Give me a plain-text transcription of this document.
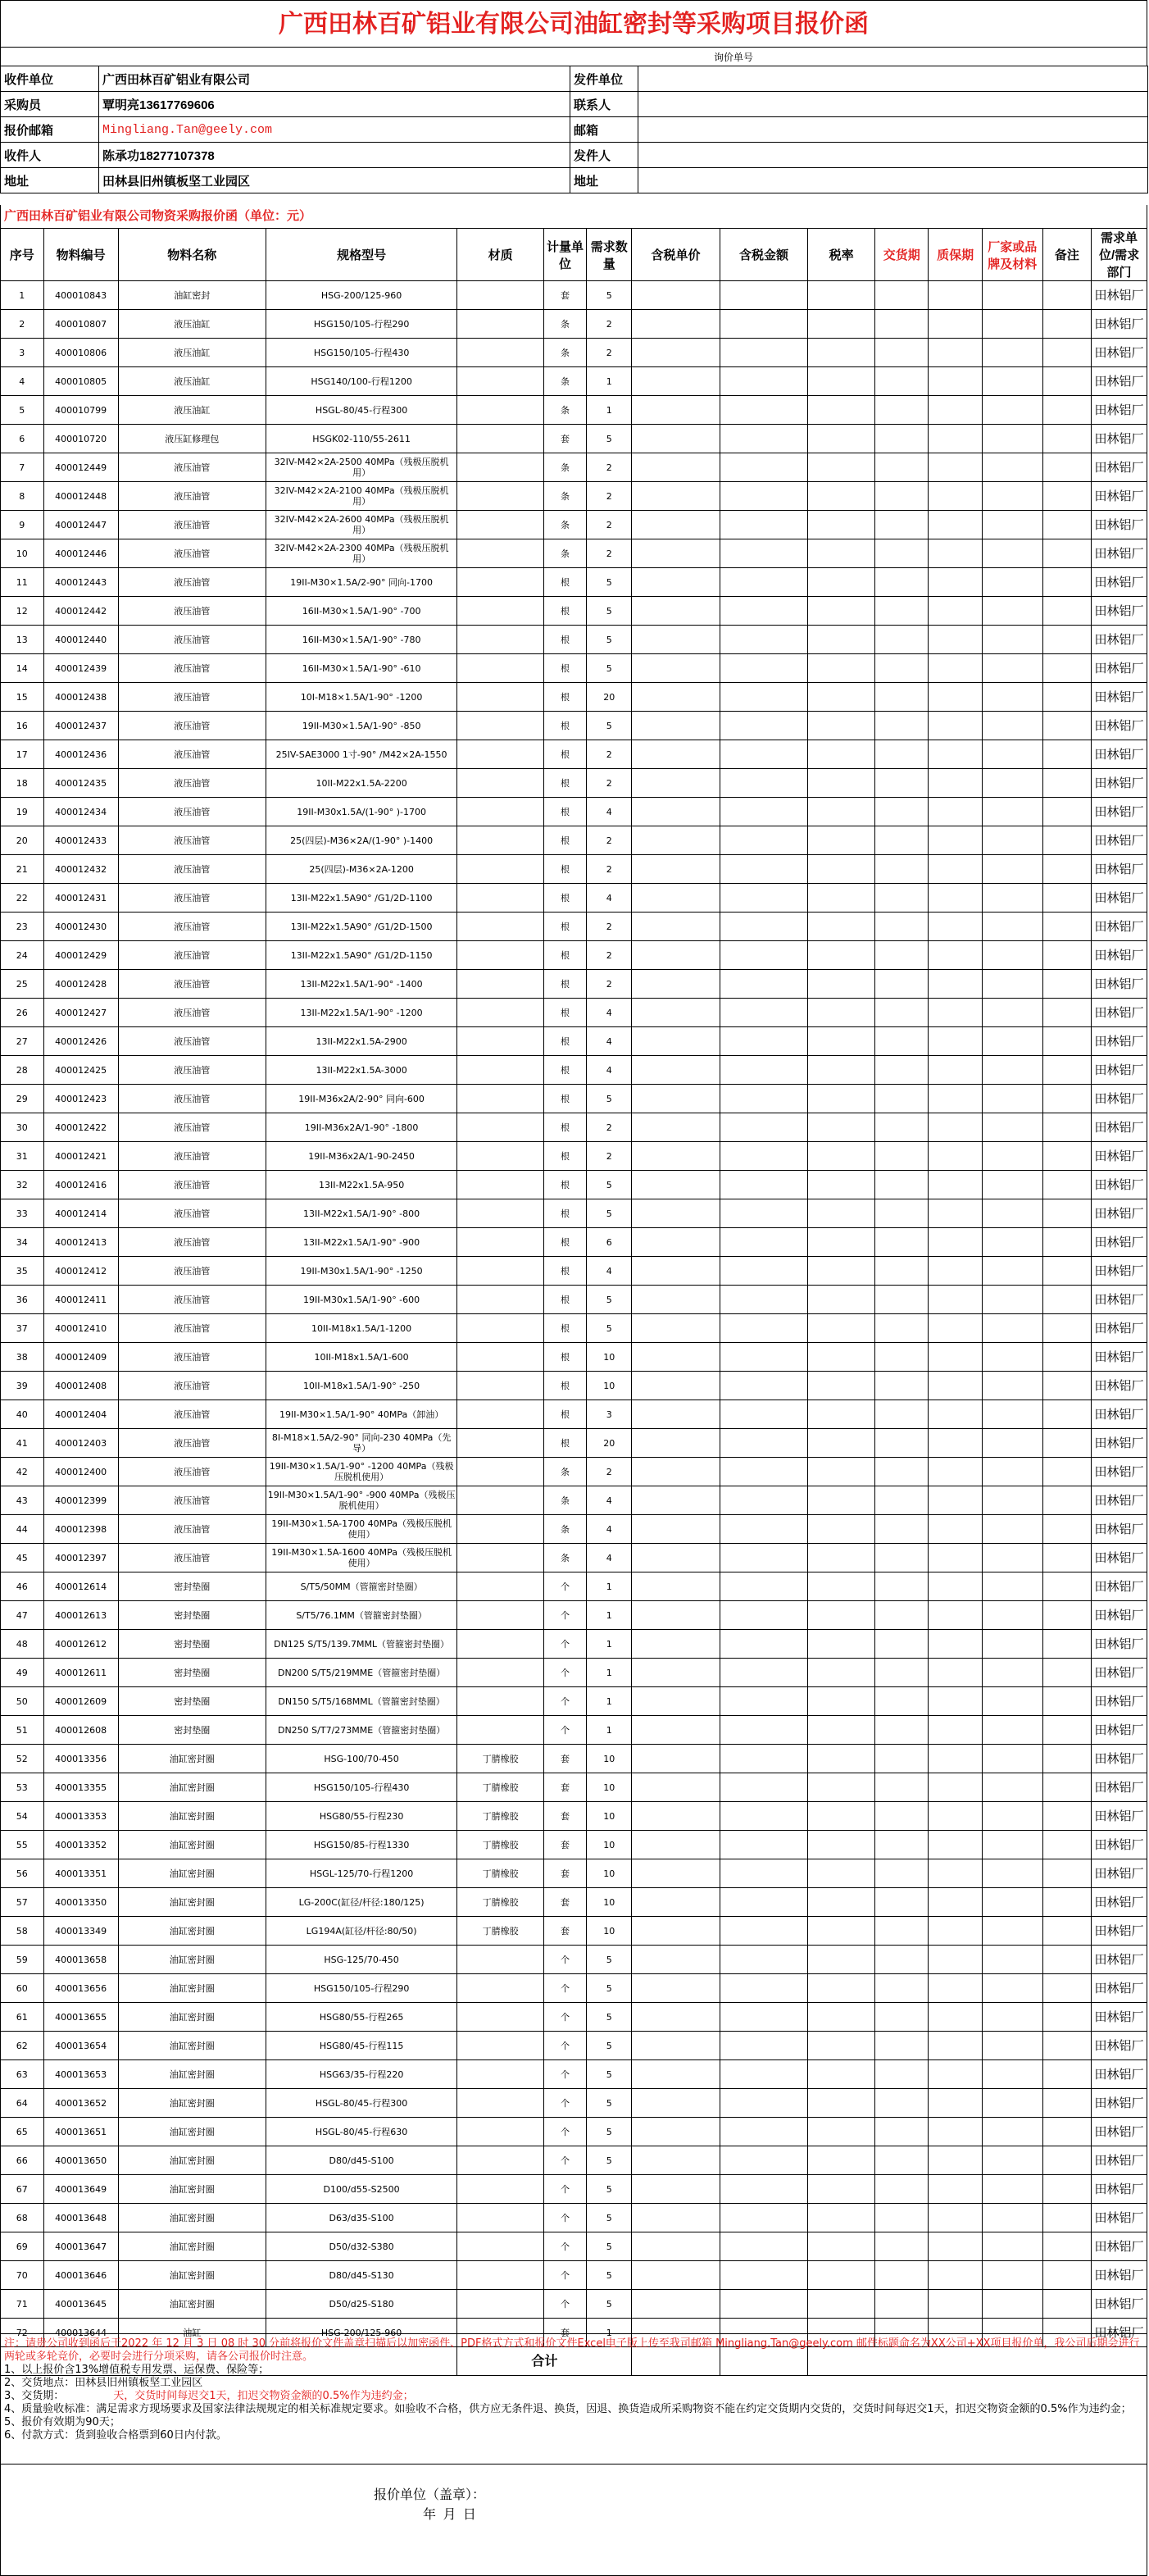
广西田林百矿铝业有限公司油缸密封等采购项目报价函
询价单号
收件单位	广西田林百矿铝业有限公司	发件单位	
采购员	覃明亮13617769606	联系人	
报价邮箱	Mingliang.Tan@geely.com	邮箱	
收件人	陈承功18277107378	发件人	
地址	田林县旧州镇板坚工业园区	地址	
广西田林百矿铝业有限公司物资采购报价函（单位：元）
序号	物料编号	物料名称	规格型号	材质	计量单位	需求数量	含税单价	含税金额	税率	交货期	质保期	厂家或品牌及材料	备注	需求单位/需求部门
1	400010843	油缸密封	HSG-200/125-960		套	5								田林铝厂
2	400010807	液压油缸	HSG150/105-行程290		条	2								田林铝厂
3	400010806	液压油缸	HSG150/105-行程430		条	2								田林铝厂
4	400010805	液压油缸	HSG140/100-行程1200		条	1								田林铝厂
5	400010799	液压油缸	HSGL-80/45-行程300		条	1								田林铝厂
6	400010720	液压缸修理包	HSGK02-110/55-2611		套	5								田林铝厂
7	400012449	液压油管	32IV-M42×2A-2500 40MPa（残极压脱机用）		条	2								田林铝厂
8	400012448	液压油管	32IV-M42×2A-2100 40MPa（残极压脱机用）		条	2								田林铝厂
9	400012447	液压油管	32IV-M42×2A-2600 40MPa（残极压脱机用）		条	2								田林铝厂
10	400012446	液压油管	32IV-M42×2A-2300 40MPa（残极压脱机用）		条	2								田林铝厂
11	400012443	液压油管	19II-M30×1.5A/2-90° 同向-1700		根	5								田林铝厂
12	400012442	液压油管	16II-M30×1.5A/1-90° -700		根	5								田林铝厂
13	400012440	液压油管	16II-M30×1.5A/1-90° -780		根	5								田林铝厂
14	400012439	液压油管	16II-M30×1.5A/1-90° -610		根	5								田林铝厂
15	400012438	液压油管	10I-M18×1.5A/1-90° -1200		根	20								田林铝厂
16	400012437	液压油管	19II-M30×1.5A/1-90° -850		根	5								田林铝厂
17	400012436	液压油管	25IV-SAE3000 1寸-90° /M42×2A-1550		根	2								田林铝厂
18	400012435	液压油管	10II-M22x1.5A-2200		根	2								田林铝厂
19	400012434	液压油管	19II-M30x1.5A/(1-90° )-1700		根	4								田林铝厂
20	400012433	液压油管	25(四层)-M36×2A/(1-90° )-1400		根	2								田林铝厂
21	400012432	液压油管	25(四层)-M36×2A-1200		根	2								田林铝厂
22	400012431	液压油管	13II-M22x1.5A90° /G1/2D-1100		根	4								田林铝厂
23	400012430	液压油管	13II-M22x1.5A90° /G1/2D-1500		根	2								田林铝厂
24	400012429	液压油管	13II-M22x1.5A90° /G1/2D-1150		根	2								田林铝厂
25	400012428	液压油管	13II-M22x1.5A/1-90° -1400		根	2								田林铝厂
26	400012427	液压油管	13II-M22x1.5A/1-90° -1200		根	4								田林铝厂
27	400012426	液压油管	13II-M22x1.5A-2900		根	4								田林铝厂
28	400012425	液压油管	13II-M22x1.5A-3000		根	4								田林铝厂
29	400012423	液压油管	19II-M36x2A/2-90° 同向-600		根	5								田林铝厂
30	400012422	液压油管	19II-M36x2A/1-90° -1800		根	2								田林铝厂
31	400012421	液压油管	19II-M36x2A/1-90-2450		根	2								田林铝厂
32	400012416	液压油管	13II-M22x1.5A-950		根	5								田林铝厂
33	400012414	液压油管	13II-M22x1.5A/1-90° -800		根	5								田林铝厂
34	400012413	液压油管	13II-M22x1.5A/1-90° -900		根	6								田林铝厂
35	400012412	液压油管	19II-M30x1.5A/1-90° -1250		根	4								田林铝厂
36	400012411	液压油管	19II-M30x1.5A/1-90° -600		根	5								田林铝厂
37	400012410	液压油管	10II-M18x1.5A/1-1200		根	5								田林铝厂
38	400012409	液压油管	10II-M18x1.5A/1-600		根	10								田林铝厂
39	400012408	液压油管	10II-M18x1.5A/1-90° -250		根	10								田林铝厂
40	400012404	液压油管	19II-M30×1.5A/1-90° 40MPa（卸油）		根	3								田林铝厂
41	400012403	液压油管	8I-M18×1.5A/2-90° 同向-230 40MPa（先导）		根	20								田林铝厂
42	400012400	液压油管	19II-M30×1.5A/1-90° -1200 40MPa（残极压脱机使用）		条	2								田林铝厂
43	400012399	液压油管	19II-M30×1.5A/1-90° -900 40MPa（残极压脱机使用）		条	4								田林铝厂
44	400012398	液压油管	19II-M30×1.5A-1700 40MPa（残极压脱机使用）		条	4								田林铝厂
45	400012397	液压油管	19II-M30×1.5A-1600 40MPa（残极压脱机使用）		条	4								田林铝厂
46	400012614	密封垫圈	S/T5/50MM（管箍密封垫圈）		个	1								田林铝厂
47	400012613	密封垫圈	S/T5/76.1MM（管箍密封垫圈）		个	1								田林铝厂
48	400012612	密封垫圈	DN125 S/T5/139.7MML（管箍密封垫圈）		个	1								田林铝厂
49	400012611	密封垫圈	DN200 S/T5/219MME（管箍密封垫圈）		个	1								田林铝厂
50	400012609	密封垫圈	DN150 S/T5/168MML（管箍密封垫圈）		个	1								田林铝厂
51	400012608	密封垫圈	DN250 S/T7/273MME（管箍密封垫圈）		个	1								田林铝厂
52	400013356	油缸密封圈	HSG-100/70-450	丁腈橡胶	套	10								田林铝厂
53	400013355	油缸密封圈	HSG150/105-行程430	丁腈橡胶	套	10								田林铝厂
54	400013353	油缸密封圈	HSG80/55-行程230	丁腈橡胶	套	10								田林铝厂
55	400013352	油缸密封圈	HSG150/85-行程1330	丁腈橡胶	套	10								田林铝厂
56	400013351	油缸密封圈	HSGL-125/70-行程1200	丁腈橡胶	套	10								田林铝厂
57	400013350	油缸密封圈	LG-200C(缸径/杆径:180/125)	丁腈橡胶	套	10								田林铝厂
58	400013349	油缸密封圈	LG194A(缸径/杆径:80/50)	丁腈橡胶	套	10								田林铝厂
59	400013658	油缸密封圈	HSG-125/70-450		个	5								田林铝厂
60	400013656	油缸密封圈	HSG150/105-行程290		个	5								田林铝厂
61	400013655	油缸密封圈	HSG80/55-行程265		个	5								田林铝厂
62	400013654	油缸密封圈	HSG80/45-行程115		个	5								田林铝厂
63	400013653	油缸密封圈	HSG63/35-行程220		个	5								田林铝厂
64	400013652	油缸密封圈	HSGL-80/45-行程300		个	5								田林铝厂
65	400013651	油缸密封圈	HSGL-80/45-行程630		个	5								田林铝厂
66	400013650	油缸密封圈	D80/d45-S100		个	5								田林铝厂
67	400013649	油缸密封圈	D100/d55-S2500		个	5								田林铝厂
68	400013648	油缸密封圈	D63/d35-S100		个	5								田林铝厂
69	400013647	油缸密封圈	D50/d32-S380		个	5								田林铝厂
70	400013646	油缸密封圈	D80/d45-S130		个	5								田林铝厂
71	400013645	油缸密封圈	D50/d25-S180		个	5								田林铝厂
72	400013644	油缸	HSG-200/125-960		套	1								田林铝厂
				合计										
注：请贵公司收到函后于2022 年 12 月 3 日 08 时 30 分前将报价文件盖章扫描后以加密函件、PDF格式方式和报价文件Excel电子版上传至我司邮箱 Mingliang.Tan@geely.com 邮件标题命名为XX公司+XX项目报价单，我公司后期会进行两轮或多轮竞价，必要时会进行分项采购，请各公司报价时注意。
1、以上报价含13%增值税专用发票、运保费、保险等；
2、交货地点：田林县旧州镇板坚工业园区
3、交货期：	天，交货时间每迟交1天，扣迟交物资金额的0.5%作为违约金；
4、质量验收标准：满足需求方现场要求及国家法律法规规定的相关标准规定要求。如验收不合格，供方应无条件退、换货，因退、换货造成所采购物资不能在约定交货期内交货的，交货时间每迟交1天，扣迟交物资金额的0.5%作为违约金；
5、报价有效期为90天；
6、付款方式：货到验收合格票到60日内付款。
报价单位（盖章）：
年 月 日
